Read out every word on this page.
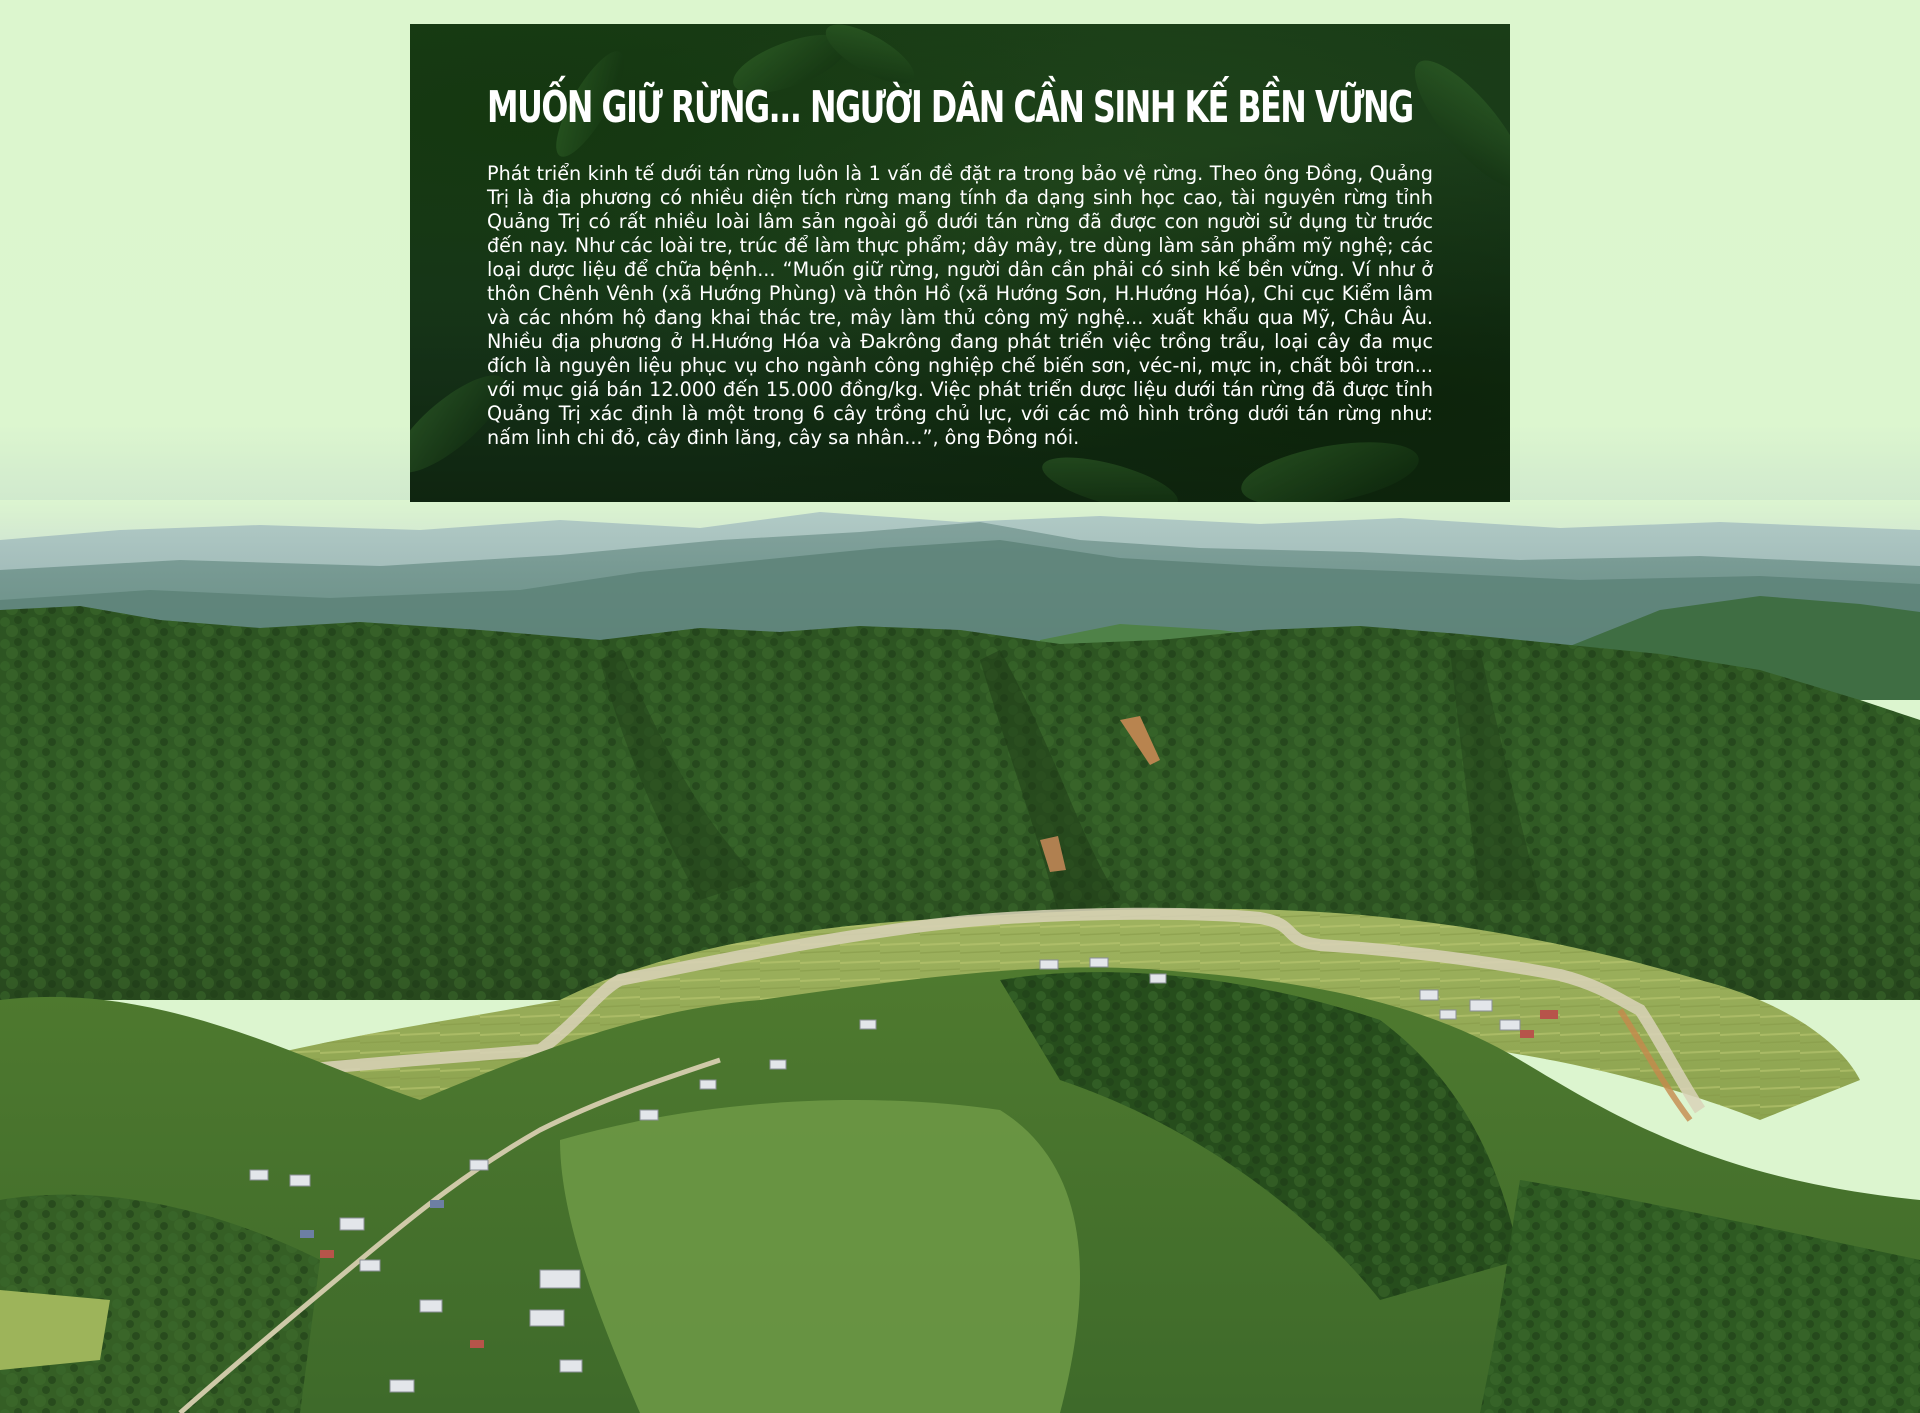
MUỐN GIỮ RỪNG... NGƯỜI DÂN CẦN SINH KẾ BỀN VỮNG

Phát triển kinh tế dưới tán rừng luôn là 1 vấn đề đặt ra trong bảo vệ rừng. Theo ông Đồng, Quảng Trị là địa phương có nhiều diện tích rừng mang tính đa dạng sinh học cao, tài nguyên rừng tỉnh Quảng Trị có rất nhiều loài lâm sản ngoài gỗ dưới tán rừng đã được con người sử dụng từ trước đến nay. Như các loài tre, trúc để làm thực phẩm; dây mây, tre dùng làm sản phẩm mỹ nghệ; các loại dược liệu để chữa bệnh... “Muốn giữ rừng, người dân cần phải có sinh kế bền vững. Ví như ở thôn Chênh Vênh (xã Hướng Phùng) và thôn Hồ (xã Hướng Sơn, H.Hướng Hóa), Chi cục Kiểm lâm và các nhóm hộ đang khai thác tre, mây làm thủ công mỹ nghệ... xuất khẩu qua Mỹ, Châu Âu. Nhiều địa phương ở H.Hướng Hóa và Đakrông đang phát triển việc trồng trẩu, loại cây đa mục đích là nguyên liệu phục vụ cho ngành công nghiệp chế biến sơn, véc-ni, mực in, chất bôi trơn... với mục giá bán 12.000 đến 15.000 đồng/kg. Việc phát triển dược liệu dưới tán rừng đã được tỉnh Quảng Trị xác định là một trong 6 cây trồng chủ lực, với các mô hình trồng dưới tán rừng như: nấm linh chi đỏ, cây đinh lăng, cây sa nhân...”, ông Đồng nói.
